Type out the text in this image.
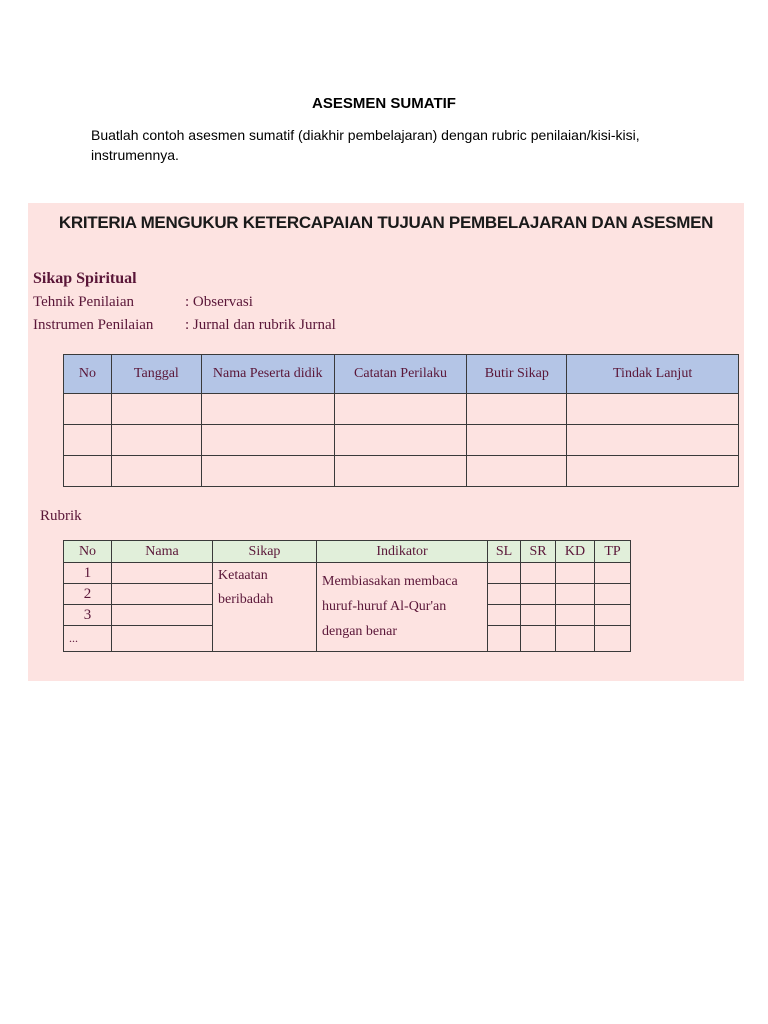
ASESMEN SUMATIF
Buatlah contoh asesmen sumatif (diakhir pembelajaran) dengan rubric penilaian/kisi-kisi, instrumennya.
KRITERIA MENGUKUR KETERCAPAIAN TUJUAN PEMBELAJARAN DAN ASESMEN
Sikap Spiritual
Tehnik Penilaian	: Observasi
Instrumen Penilaian : Jurnal dan rubrik Jurnal
No	Tanggal	Nama Peserta didik	Catatan Perilaku	Butir Sikap	Tindak Lanjut

Rubrik
No	Nama	Sikap	Indikator	SL	SR	KD	TP
1		Ketaatan beribadah	Membiasakan membaca huruf-huruf Al-Qur'an dengan benar				
2							
3							
...							
